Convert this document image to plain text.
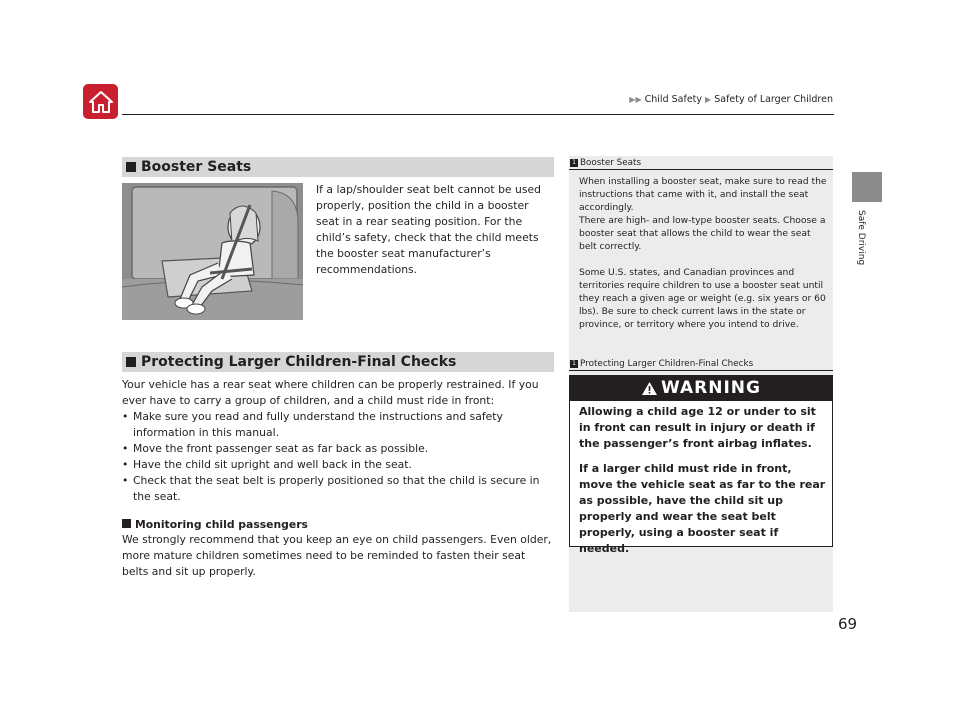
▶▶ Child Safety ▶ Safety of Larger Children
Safe Driving
Booster Seats
If a lap/shoulder seat belt cannot be used properly, position the child in a booster seat in a rear seating position. For the child’s safety, check that the child meets the booster seat manufacturer’s recommendations.
Protecting Larger Children-Final Checks
Your vehicle has a rear seat where children can be properly restrained. If you ever have to carry a group of children, and a child must ride in front:
• Make sure you read and fully understand the instructions and safety information in this manual.
• Move the front passenger seat as far back as possible.
• Have the child sit upright and well back in the seat.
• Check that the seat belt is properly positioned so that the child is secure in the seat.
Monitoring child passengers
We strongly recommend that you keep an eye on child passengers. Even older, more mature children sometimes need to be reminded to fasten their seat belts and sit up properly.
1 Booster Seats
When installing a booster seat, make sure to read the instructions that came with it, and install the seat accordingly.
There are high- and low-type booster seats. Choose a booster seat that allows the child to wear the seat belt correctly.

Some U.S. states, and Canadian provinces and territories require children to use a booster seat until they reach a given age or weight (e.g. six years or 60 lbs). Be sure to check current laws in the state or province, or territory where you intend to drive.
1 Protecting Larger Children-Final Checks
WARNING
Allowing a child age 12 or under to sit in front can result in injury or death if the passenger’s front airbag inflates.
If a larger child must ride in front, move the vehicle seat as far to the rear as possible, have the child sit up properly and wear the seat belt properly, using a booster seat if needed.
69
